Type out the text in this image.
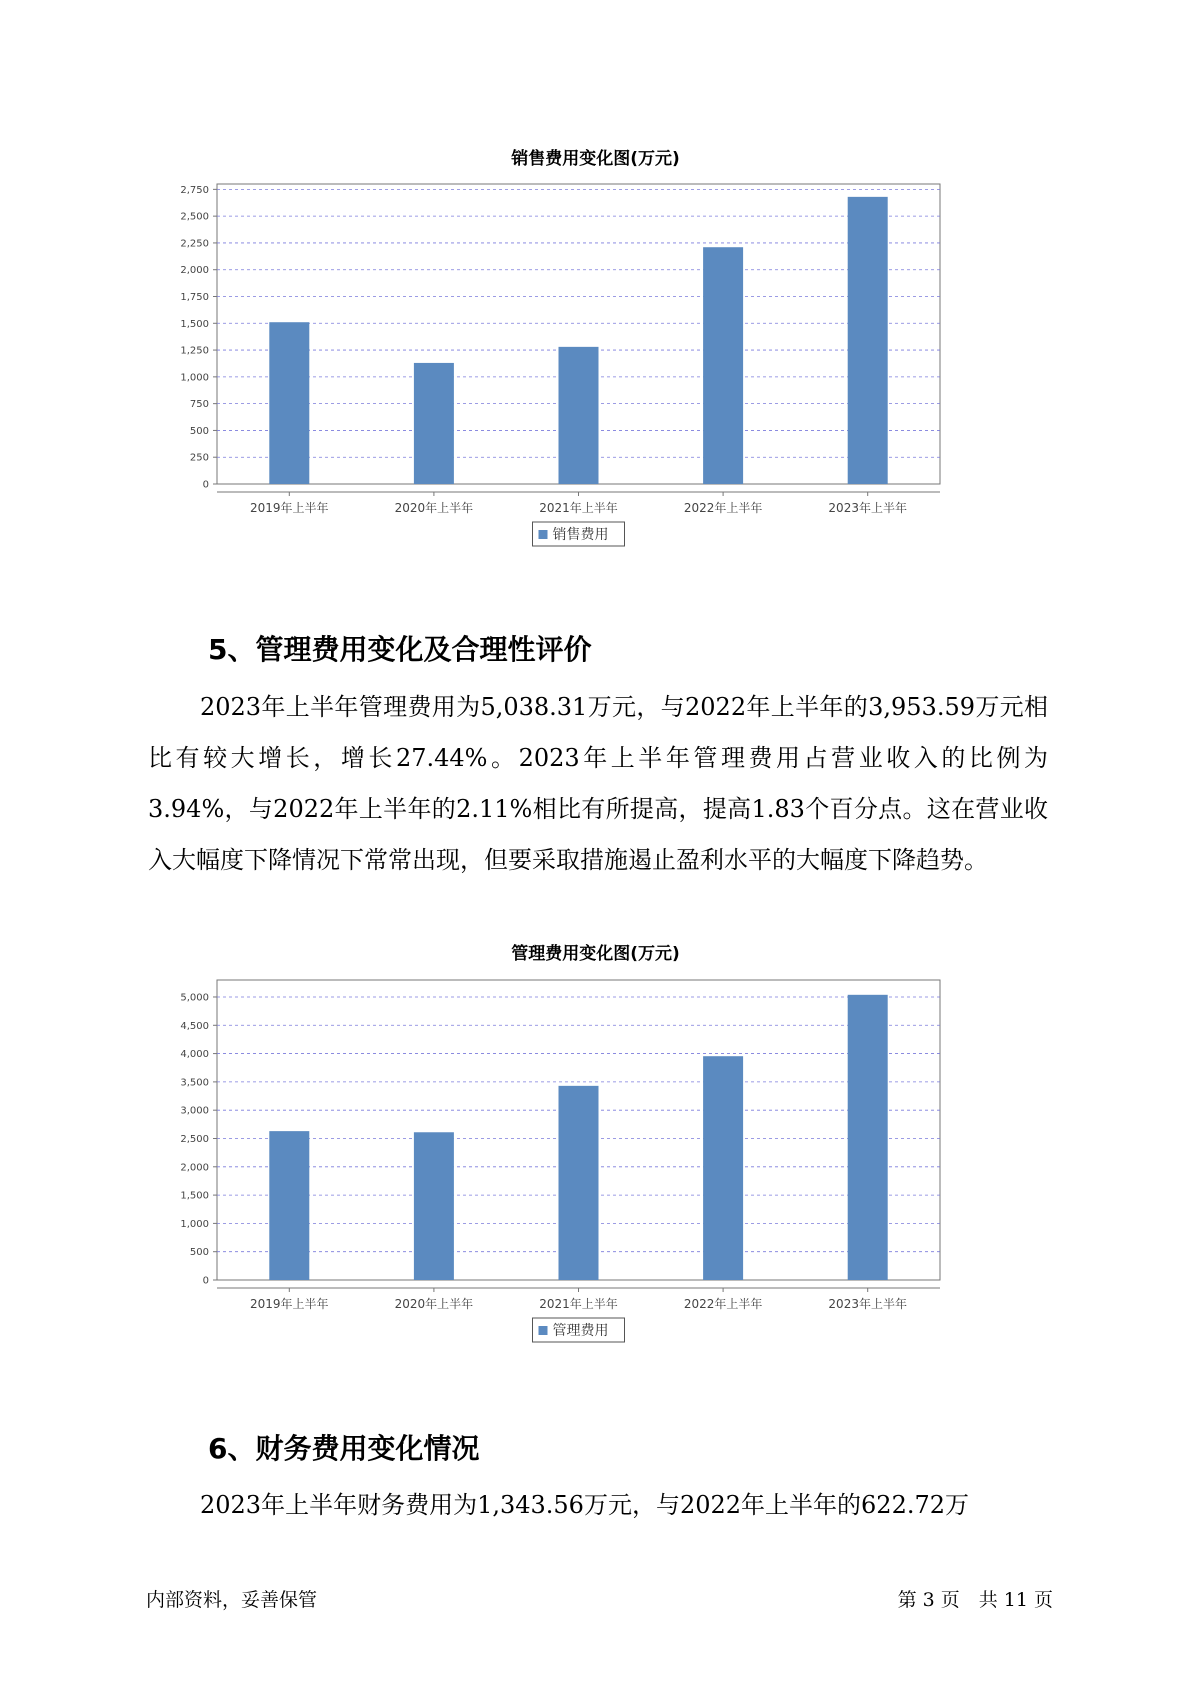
销售费用变化图(万元)
0
250
500
750
1,000
1,250
1,500
1,750
2,000
2,250
2,500
2,750
2019年上半年	2020年上半年	2021年上半年	2022年上半年	2023年上半年
销售费用
5、管理费用变化及合理性评价

2023年上半年管理费用为5,038.31万元，与2022年上半年的3,953.59万元相比有较大增长，增长27.44%。2023年上半年管理费用占营业收入的比例为3.94%，与2022年上半年的2.11%相比有所提高，提高1.83个百分点。这在营业收入大幅度下降情况下常常出现，但要采取措施遏止盈利水平的大幅度下降趋势。

管理费用变化图(万元)
0
500
1,000
1,500
2,000
2,500
3,000
3,500
4,000
4,500
5,000
2019年上半年	2020年上半年	2021年上半年	2022年上半年	2023年上半年
管理费用
6、财务费用变化情况

2023年上半年财务费用为1,343.56万元，与2022年上半年的622.72万

内部资料，妥善保管	第 3 页　共 11 页
